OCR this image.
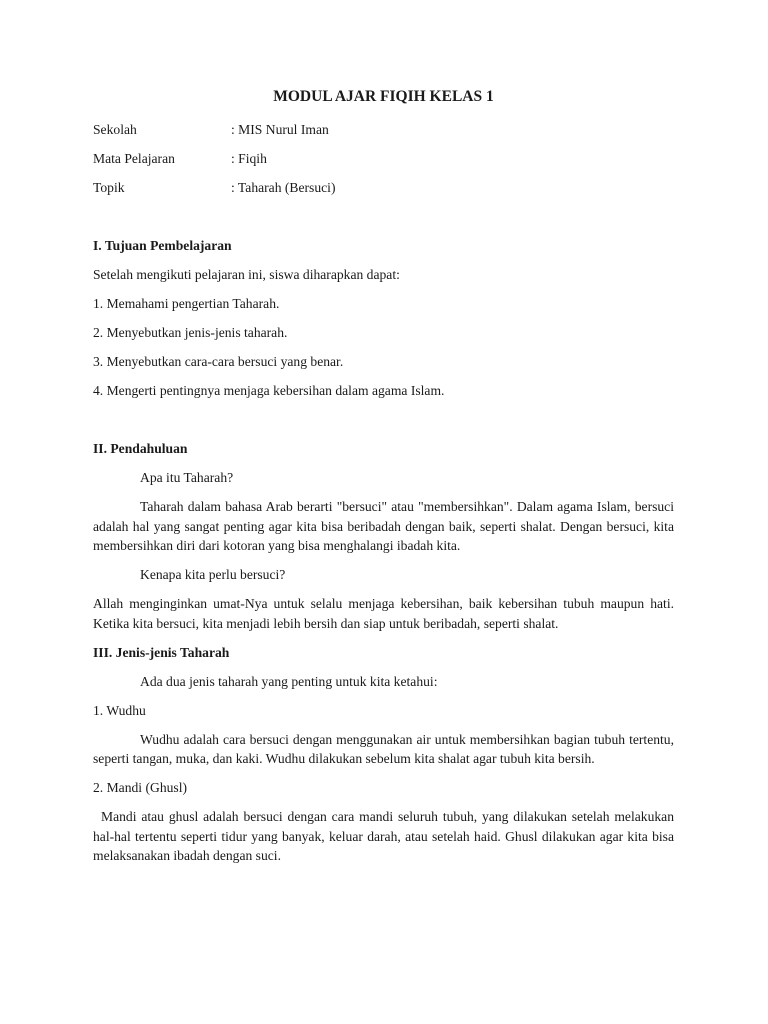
MODUL AJAR FIQIH KELAS 1
Sekolah	: MIS Nurul Iman
Mata Pelajaran	: Fiqih
Topik	: Taharah (Bersuci)
I. Tujuan Pembelajaran

Setelah mengikuti pelajaran ini, siswa diharapkan dapat:

1. Memahami pengertian Taharah.

2. Menyebutkan jenis-jenis taharah.

3. Menyebutkan cara-cara bersuci yang benar.

4. Mengerti pentingnya menjaga kebersihan dalam agama Islam.

II. Pendahuluan

Apa itu Taharah?

Taharah dalam bahasa Arab berarti "bersuci" atau "membersihkan". Dalam agama Islam, bersuci adalah hal yang sangat penting agar kita bisa beribadah dengan baik, seperti shalat. Dengan bersuci, kita membersihkan diri dari kotoran yang bisa menghalangi ibadah kita.

Kenapa kita perlu bersuci?

Allah menginginkan umat-Nya untuk selalu menjaga kebersihan, baik kebersihan tubuh maupun hati. Ketika kita bersuci, kita menjadi lebih bersih dan siap untuk beribadah, seperti shalat.

III. Jenis-jenis Taharah

Ada dua jenis taharah yang penting untuk kita ketahui:

1. Wudhu

Wudhu adalah cara bersuci dengan menggunakan air untuk membersihkan bagian tubuh tertentu, seperti tangan, muka, dan kaki. Wudhu dilakukan sebelum kita shalat agar tubuh kita bersih.

2. Mandi (Ghusl)

Mandi atau ghusl adalah bersuci dengan cara mandi seluruh tubuh, yang dilakukan setelah melakukan hal-hal tertentu seperti tidur yang banyak, keluar darah, atau setelah haid. Ghusl dilakukan agar kita bisa melaksanakan ibadah dengan suci.
